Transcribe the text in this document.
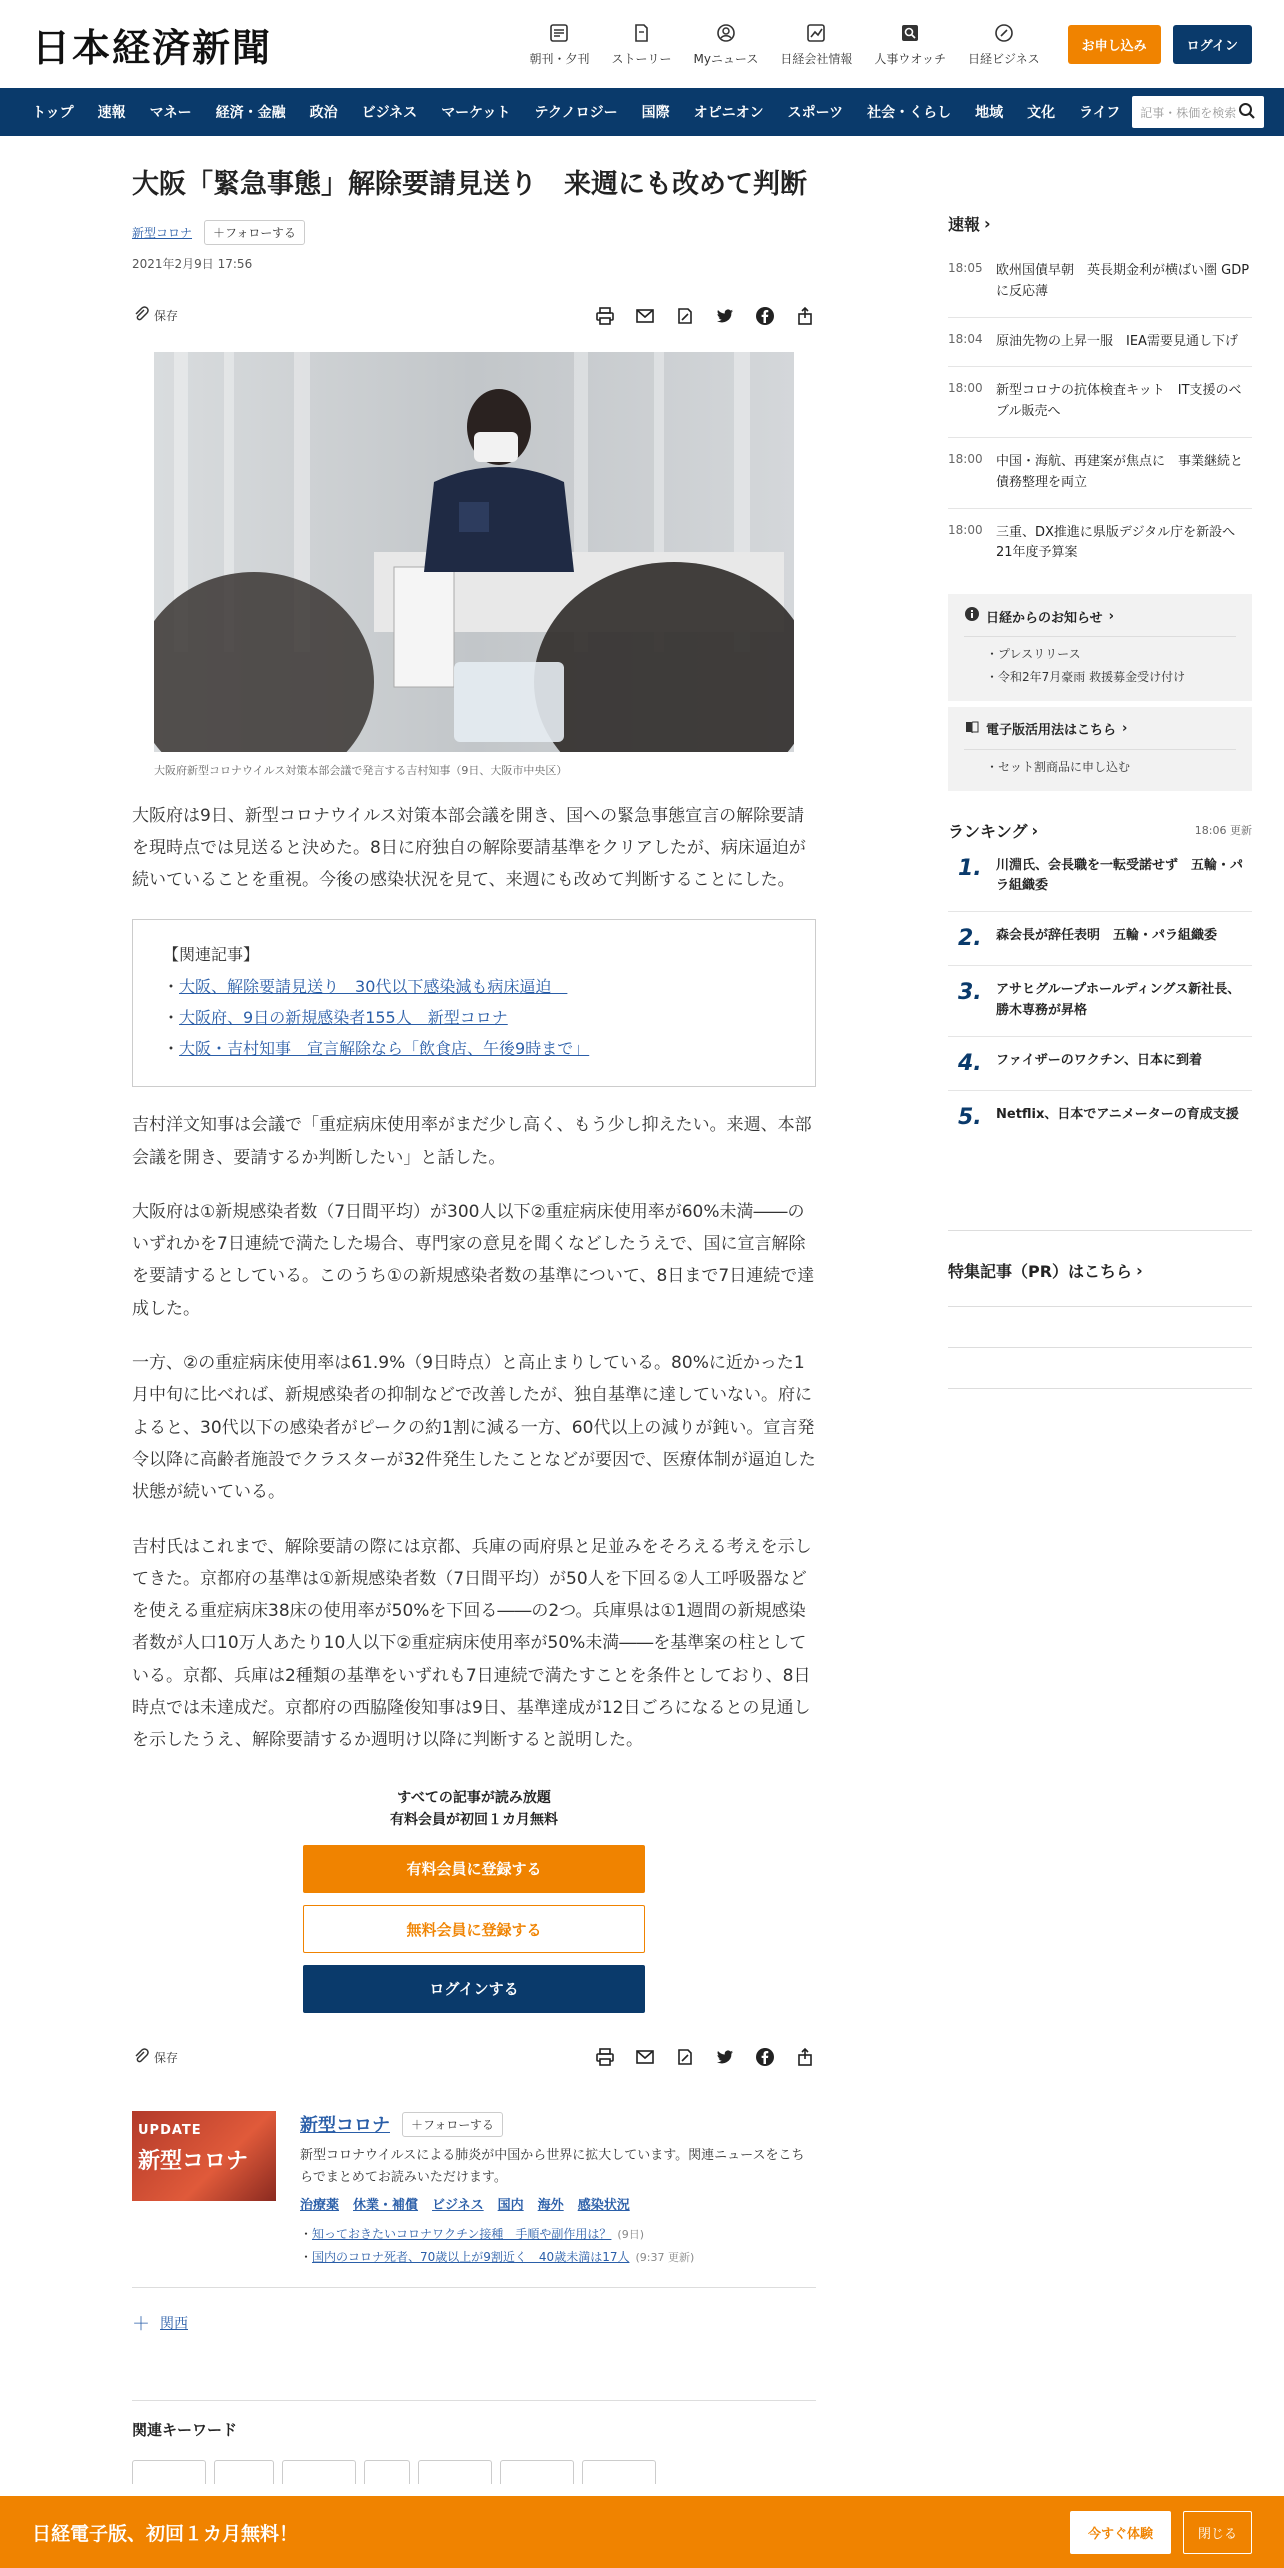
日本経済新聞	朝刊・夕刊 ストーリー Myニュース 日経会社情報 人事ウオッチ 日経ビジネス
お申し込み	ログイン
トップ	速報	マネー	経済・金融	政治	ビジネス	マーケット	テクノロジー	国際	オピニオン	スポーツ	社会・くらし	地域	文化	ライフ	記事・株価を検索
大阪「緊急事態」解除要請見送り　来週にも改めて判断
新型コロナ	＋フォローする
2021年2月9日 17:56
保存
大阪府新型コロナウイルス対策本部会議で発言する吉村知事（9日、大阪市中央区）

大阪府は9日、新型コロナウイルス対策本部会議を開き、国への緊急事態宣言の解除要請を現時点では見送ると決めた。8日に府独自の解除要請基準をクリアしたが、病床逼迫が続いていることを重視。今後の感染状況を見て、来週にも改めて判断することにした。

【関連記事】
・ 大阪、解除要請見送り　30代以下感染減も病床逼迫　
・ 大阪府、9日の新規感染者155人　新型コロナ
・ 大阪・吉村知事　宣言解除なら「飲食店、午後9時まで」

吉村洋文知事は会議で「重症病床使用率がまだ少し高く、もう少し抑えたい。来週、本部会議を開き、要請するか判断したい」と話した。

大阪府は①新規感染者数（7日間平均）が300人以下②重症病床使用率が60%未満――のいずれかを7日連続で満たした場合、専門家の意見を聞くなどしたうえで、国に宣言解除を要請するとしている。このうち①の新規感染者数の基準について、8日まで7日連続で達成した。

一方、②の重症病床使用率は61.9%（9日時点）と高止まりしている。80%に近かった1月中旬に比べれば、新規感染者の抑制などで改善したが、独自基準に達していない。府によると、30代以下の感染者がピークの約1割に減る一方、60代以上の減りが鈍い。宣言発令以降に高齢者施設でクラスターが32件発生したことなどが要因で、医療体制が逼迫した状態が続いている。

吉村氏はこれまで、解除要請の際には京都、兵庫の両府県と足並みをそろえる考えを示してきた。京都府の基準は①新規感染者数（7日間平均）が50人を下回る②人工呼吸器などを使える重症病床38床の使用率が50%を下回る――の2つ。兵庫県は①1週間の新規感染者数が人口10万人あたり10人以下②重症病床使用率が50%未満――を基準案の柱としている。京都、兵庫は2種類の基準をいずれも7日連続で満たすことを条件としており、8日時点では未達成だ。京都府の西脇隆俊知事は9日、基準達成が12日ごろになるとの見通しを示したうえ、解除要請するか週明け以降に判断すると説明した。

すべての記事が読み放題
有料会員が初回１カ月無料
有料会員に登録する
無料会員に登録する
ログインする
保存
UPDATE
新型コロナ
新型コロナ	＋フォローする
新型コロナウイルスによる肺炎が中国から世界に拡大しています。関連ニュースをこちらでまとめてお読みいただけます。
治療薬 休業・補償 ビジネス 国内 海外 感染状況
・知っておきたいコロナワクチン接種　手順や副作用は？ (9日)
・国内のコロナ死者、70歳以上が9割近く　40歳未満は17人 (9:37 更新)
＋ 関西
関連キーワード
速報 ›
18:05	欧州国債早朝　英長期金利が横ばい圏 GDPに反応薄
18:04	原油先物の上昇一服　IEA需要見通し下げ
18:00	新型コロナの抗体検査キット　IT支援のベブル販売へ
18:00	中国・海航、再建案が焦点に　事業継続と債務整理を両立
18:00	三重、DX推進に県版デジタル庁を新設へ　21年度予算案
日経からのお知らせ ›
・ プレスリリース
・ 令和2年7月豪雨 救援募金受け付け
電子版活用法はこちら ›
・ セット割商品に申し込む
ランキング ›	18:06 更新
1.	川淵氏、会長職を一転受諾せず　五輪・パラ組織委
2.	森会長が辞任表明　五輪・パラ組織委
3.	アサヒグループホールディングス新社長、勝木専務が昇格
4.	ファイザーのワクチン、日本に到着
5.	Netflix、日本でアニメーターの育成支援
特集記事（PR）はこちら ›
日経電子版、初回１カ月無料！	今すぐ体験	閉じる
